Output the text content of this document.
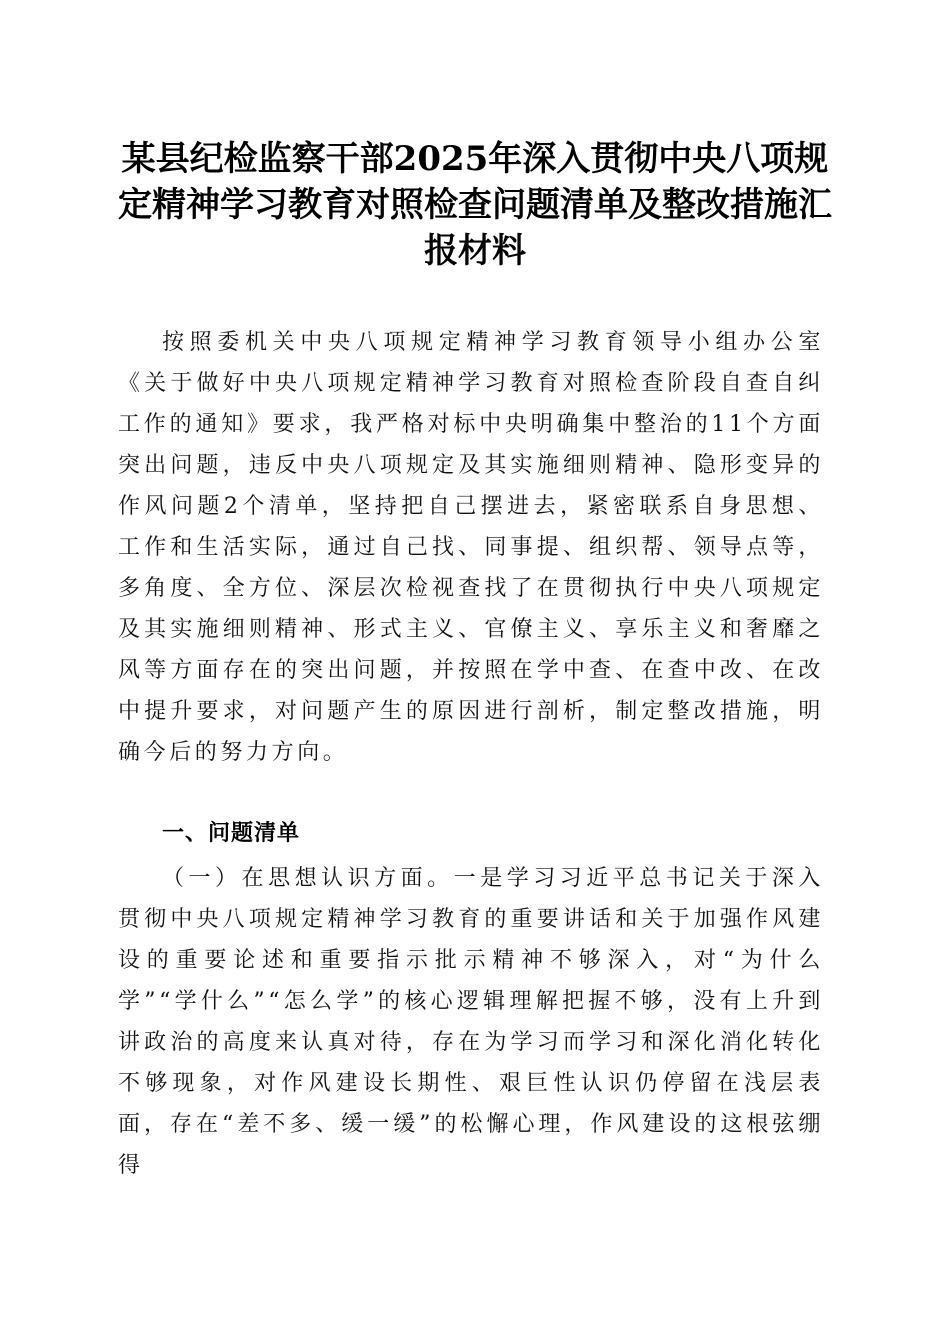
某县纪检监察干部2025年深入贯彻中央八项规定精神学习教育对照检查问题清单及整改措施汇报材料

按照委机关中央八项规定精神学习教育领导小组办公室《关于做好中央八项规定精神学习教育对照检查阶段自查自纠工作的通知》要求，我严格对标中央明确集中整治的11个方面突出问题，违反中央八项规定及其实施细则精神、隐形变异的作风问题2个清单，坚持把自己摆进去，紧密联系自身思想、工作和生活实际，通过自己找、同事提、组织帮、领导点等，多角度、全方位、深层次检视查找了在贯彻执行中央八项规定及其实施细则精神、形式主义、官僚主义、享乐主义和奢靡之风等方面存在的突出问题，并按照在学中查、在查中改、在改中提升要求，对问题产生的原因进行剖析，制定整改措施，明确今后的努力方向。

一、问题清单

（一）在思想认识方面。一是学习习近平总书记关于深入贯彻中央八项规定精神学习教育的重要讲话和关于加强作风建设的重要论述和重要指示批示精神不够深入，对“为什么学”“学什么”“怎么学”的核心逻辑理解把握不够，没有上升到讲政治的高度来认真对待，存在为学习而学习和深化消化转化不够现象，对作风建设长期性、艰巨性认识仍停留在浅层表面，存在“差不多、缓一缓”的松懈心理，作风建设的这根弦绷得
